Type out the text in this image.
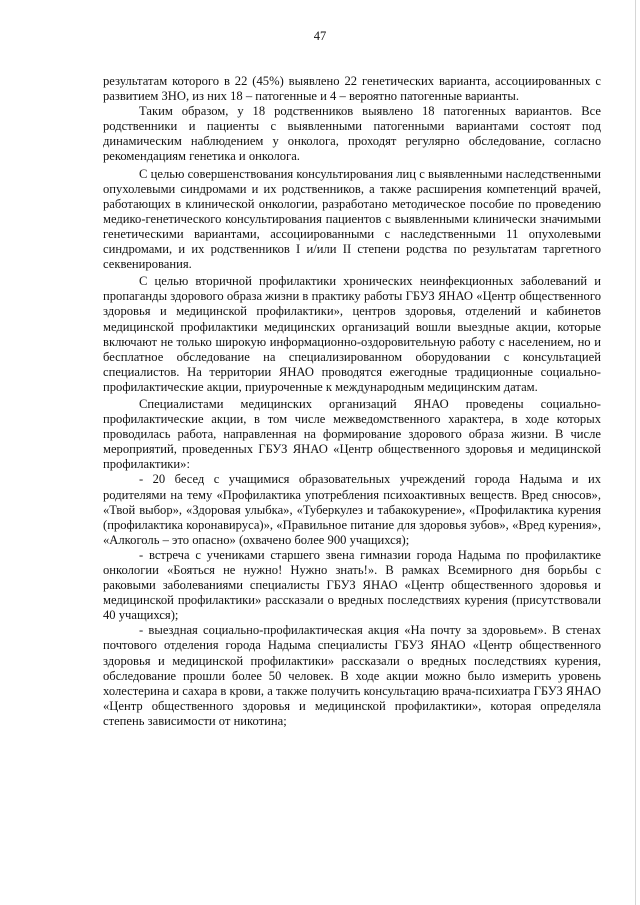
47

результатам которого в 22 (45%) выявлено 22 генетических варианта, ассоциированных с развитием ЗНО, из них 18 – патогенные и 4 – вероятно патогенные варианты.

Таким образом, у 18 родственников выявлено 18 патогенных вариантов. Все родственники и пациенты с выявленными патогенными вариантами состоят под динамическим наблюдением у онколога, проходят регулярно обследование, согласно рекомендациям генетика и онколога.

С целью совершенствования консультирования лиц с выявленными наследственными опухолевыми синдромами и их родственников, а также расширения компетенций врачей, работающих в клинической онкологии, разработано методическое пособие по проведению медико-генетического консультирования пациентов с выявленными клинически значимыми генетическими вариантами, ассоциированными с наследственными 11 опухолевыми синдромами, и их родственников I и/или II степени родства по результатам таргетного секвенирования.

С целью вторичной профилактики хронических неинфекционных заболеваний и пропаганды здорового образа жизни в практику работы ГБУЗ ЯНАО «Центр общественного здоровья и медицинской профилактики», центров здоровья, отделений и кабинетов медицинской профилактики медицинских организаций вошли выездные акции, которые включают не только широкую информационно-оздоровительную работу с населением, но и бесплатное обследование на специализированном оборудовании с консультацией специалистов. На территории ЯНАО проводятся ежегодные традиционные социально-профилактические акции, приуроченные к международным медицинским датам.

Специалистами медицинских организаций ЯНАО проведены социально-профилактические акции, в том числе межведомственного характера, в ходе которых проводилась работа, направленная на формирование здорового образа жизни. В числе мероприятий, проведенных ГБУЗ ЯНАО «Центр общественного здоровья и медицинской профилактики»:

- 20 бесед с учащимися образовательных учреждений города Надыма и их родителями на тему «Профилактика употребления психоактивных веществ. Вред снюсов», «Твой выбор», «Здоровая улыбка», «Туберкулез и табакокурение», «Профилактика курения (профилактика коронавируса)», «Правильное питание для здоровья зубов», «Вред курения», «Алкоголь – это опасно» (охвачено более 900 учащихся);

- встреча с учениками старшего звена гимназии города Надыма по профилактике онкологии «Бояться не нужно! Нужно знать!». В рамках Всемирного дня борьбы с раковыми заболеваниями специалисты ГБУЗ ЯНАО «Центр общественного здоровья и медицинской профилактики» рассказали о вредных последствиях курения (присутствовали 40 учащихся);

- выездная социально-профилактическая акция «На почту за здоровьем». В стенах почтового отделения города Надыма специалисты ГБУЗ ЯНАО «Центр общественного здоровья и медицинской профилактики» рассказали о вредных последствиях курения, обследование прошли более 50 человек. В ходе акции можно было измерить уровень холестерина и сахара в крови, а также получить консультацию врача-психиатра ГБУЗ ЯНАО «Центр общественного здоровья и медицинской профилактики», которая определяла степень зависимости от никотина;
